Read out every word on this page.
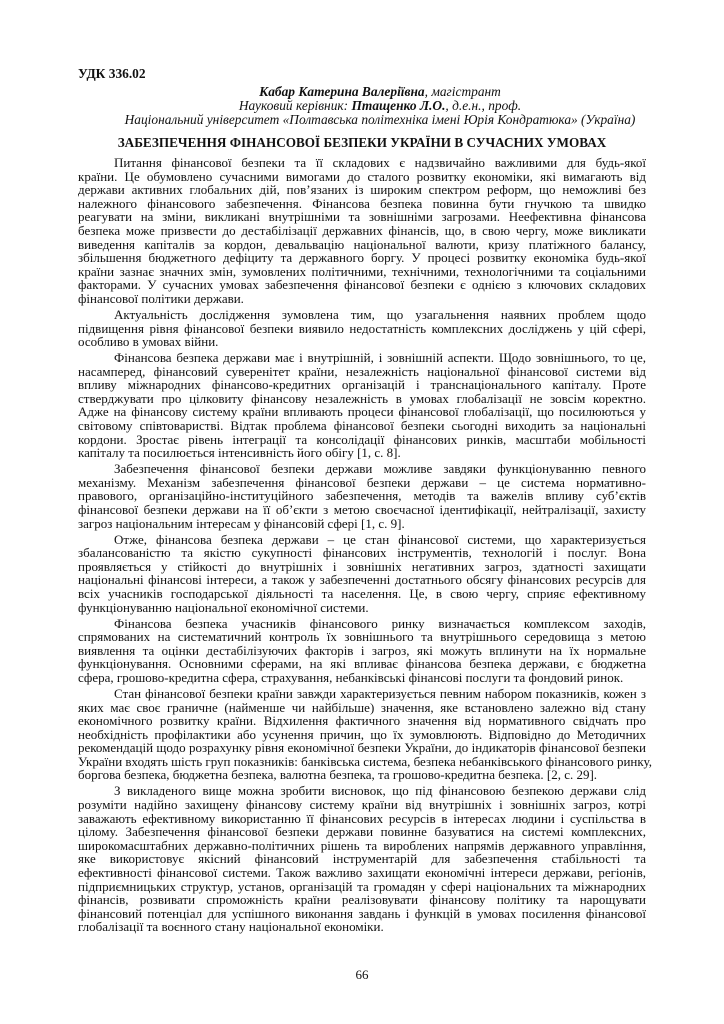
УДК 336.02
Кабар Катерина Валеріївна, магістрант
Науковий керівник: Птащенко Л.О., д.е.н., проф.
Національний університет «Полтавська політехніка імені Юрія Кондратюка» (Україна)
ЗАБЕЗПЕЧЕННЯ ФІНАНСОВОЇ БЕЗПЕКИ УКРАЇНИ В СУЧАСНИХ УМОВАХ
Питання фінансової безпеки та її складових є надзвичайно важливими для будь-якої
країни. Це обумовлено сучасними вимогами до сталого розвитку економіки, які вимагають від
держави активних глобальних дій, пов’язаних із широким спектром реформ, що неможливі без
належного фінансового забезпечення. Фінансова безпека повинна бути гнучкою та швидко
реагувати на зміни, викликані внутрішніми та зовнішніми загрозами. Неефективна фінансова
безпека може призвести до дестабілізації державних фінансів, що, в свою чергу, може викликати
виведення капіталів за кордон, девальвацію національної валюти, кризу платіжного балансу,
збільшення бюджетного дефіциту та державного боргу. У процесі розвитку економіка будь-якої
країни зазнає значних змін, зумовлених політичними, технічними, технологічними та соціальними
факторами. У сучасних умовах забезпечення фінансової безпеки є однією з ключових складових
фінансової політики держави.
Актуальність дослідження зумовлена тим, що узагальнення наявних проблем щодо
підвищення рівня фінансової безпеки виявило недостатність комплексних досліджень у цій сфері,
особливо в умовах війни.
Фінансова безпека держави має і внутрішній, і зовнішній аспекти. Щодо зовнішнього, то це,
насамперед, фінансовий суверенітет країни, незалежність національної фінансової системи від
впливу міжнародних фінансово-кредитних організацій і транснаціонального капіталу. Проте
стверджувати про цілковиту фінансову незалежність в умовах глобалізації не зовсім коректно.
Адже на фінансову систему країни впливають процеси фінансової глобалізації, що посилюються у
світовому співтоваристві. Відтак проблема фінансової безпеки сьогодні виходить за національні
кордони. Зростає рівень інтеграції та консолідації фінансових ринків, масштаби мобільності
капіталу та посилюється інтенсивність його обігу [1, с. 8].
Забезпечення фінансової безпеки держави можливе завдяки функціонуванню певного
механізму. Механізм забезпечення фінансової безпеки держави – це система нормативно-
правового, організаційно-інституційного забезпечення, методів та важелів впливу суб’єктів
фінансової безпеки держави на її об’єкти з метою своєчасної ідентифікації, нейтралізації, захисту
загроз національним інтересам у фінансовій сфері [1, с. 9].
Отже, фінансова безпека держави – це стан фінансової системи, що характеризується
збалансованістю та якістю сукупності фінансових інструментів, технологій і послуг. Вона
проявляється у стійкості до внутрішніх і зовнішніх негативних загроз, здатності захищати
національні фінансові інтереси, а також у забезпеченні достатнього обсягу фінансових ресурсів для
всіх учасників господарської діяльності та населення. Це, в свою чергу, сприяє ефективному
функціонуванню національної економічної системи.
Фінансова безпека учасників фінансового ринку визначається комплексом заходів,
спрямованих на систематичний контроль їх зовнішнього та внутрішнього середовища з метою
виявлення та оцінки дестабілізуючих факторів і загроз, які можуть вплинути на їх нормальне
функціонування. Основними сферами, на які впливає фінансова безпека держави, є бюджетна
сфера, грошово-кредитна сфера, страхування, небанківські фінансові послуги та фондовий ринок.
Стан фінансової безпеки країни завжди характеризується певним набором показників, кожен з
яких має своє граничне (найменше чи найбільше) значення, яке встановлено залежно від стану
економічного розвитку країни. Відхилення фактичного значення від нормативного свідчать про
необхідність профілактики або усунення причин, що їх зумовлюють. Відповідно до Методичних
рекомендацій щодо розрахунку рівня економічної безпеки України, до індикаторів фінансової безпеки
України входять шість груп показників: банківська система, безпека небанківського фінансового ринку,
боргова безпека, бюджетна безпека, валютна безпека, та грошово-кредитна безпека. [2, с. 29].
З викладеного вище можна зробити висновок, що під фінансовою безпекою держави слід
розуміти надійно захищену фінансову систему країни від внутрішніх і зовнішніх загроз, котрі
заважають ефективному використанню її фінансових ресурсів в інтересах людини і суспільства в
цілому. Забезпечення фінансової безпеки держави повинне базуватися на системі комплексних,
широкомасштабних державно-політичних рішень та вироблених напрямів державного управління,
яке використовує якісний фінансовий інструментарій для забезпечення стабільності та
ефективності фінансової системи. Також важливо захищати економічні інтереси держави, регіонів,
підприємницьких структур, установ, організацій та громадян у сфері національних та міжнародних
фінансів, розвивати спроможність країни реалізовувати фінансову політику та нарощувати
фінансовий потенціал для успішного виконання завдань і функцій в умовах посилення фінансової
глобалізації та воєнного стану національної економіки.
66
